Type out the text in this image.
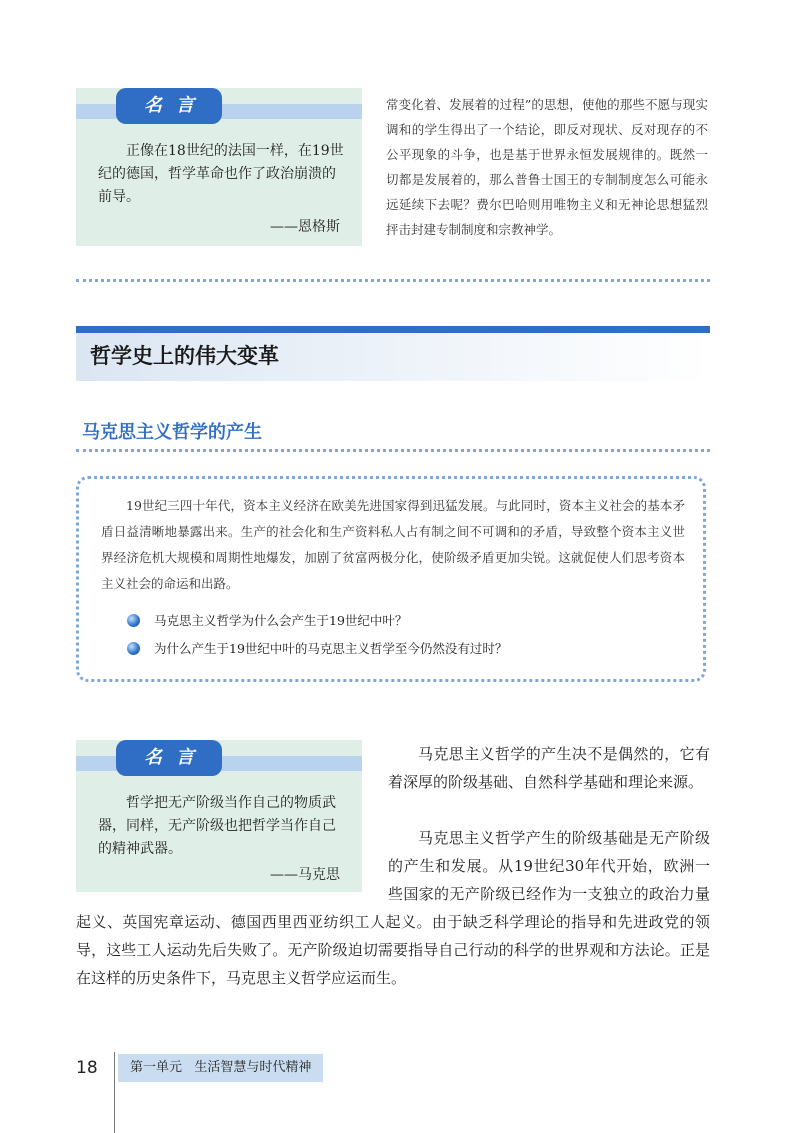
名言
正像在18世纪的法国一样，在19世纪的德国，哲学革命也作了政治崩溃的前导。
——恩格斯
常变化着、发展着的过程”的思想，使他的那些不愿与现实调和的学生得出了一个结论，即反对现状、反对现存的不公平现象的斗争，也是基于世界永恒发展规律的。既然一切都是发展着的，那么普鲁士国王的专制制度怎么可能永远延续下去呢？费尔巴哈则用唯物主义和无神论思想猛烈抨击封建专制制度和宗教神学。
哲学史上的伟大变革
马克思主义哲学的产生
19世纪三四十年代，资本主义经济在欧美先进国家得到迅猛发展。与此同时，资本主义社会的基本矛盾日益清晰地暴露出来。生产的社会化和生产资料私人占有制之间不可调和的矛盾，导致整个资本主义世界经济危机大规模和周期性地爆发，加剧了贫富两极分化，使阶级矛盾更加尖锐。这就促使人们思考资本主义社会的命运和出路。
马克思主义哲学为什么会产生于19世纪中叶？
为什么产生于19世纪中叶的马克思主义哲学至今仍然没有过时？
名言
哲学把无产阶级当作自己的物质武器，同样，无产阶级也把哲学当作自己的精神武器。
——马克思
马克思主义哲学的产生决不是偶然的，它有着深厚的阶级基础、自然科学基础和理论来源。
马克思主义哲学产生的阶级基础是无产阶级的产生和发展。从19世纪30年代开始，欧洲一些国家的无产阶级已经作为一支独立的政治力量
起义、英国宪章运动、德国西里西亚纺织工人起义。由于缺乏科学理论的指导和先进政党的领导，这些工人运动先后失败了。无产阶级迫切需要指导自己行动的科学的世界观和方法论。正是在这样的历史条件下，马克思主义哲学应运而生。
18	第一单元   生活智慧与时代精神
